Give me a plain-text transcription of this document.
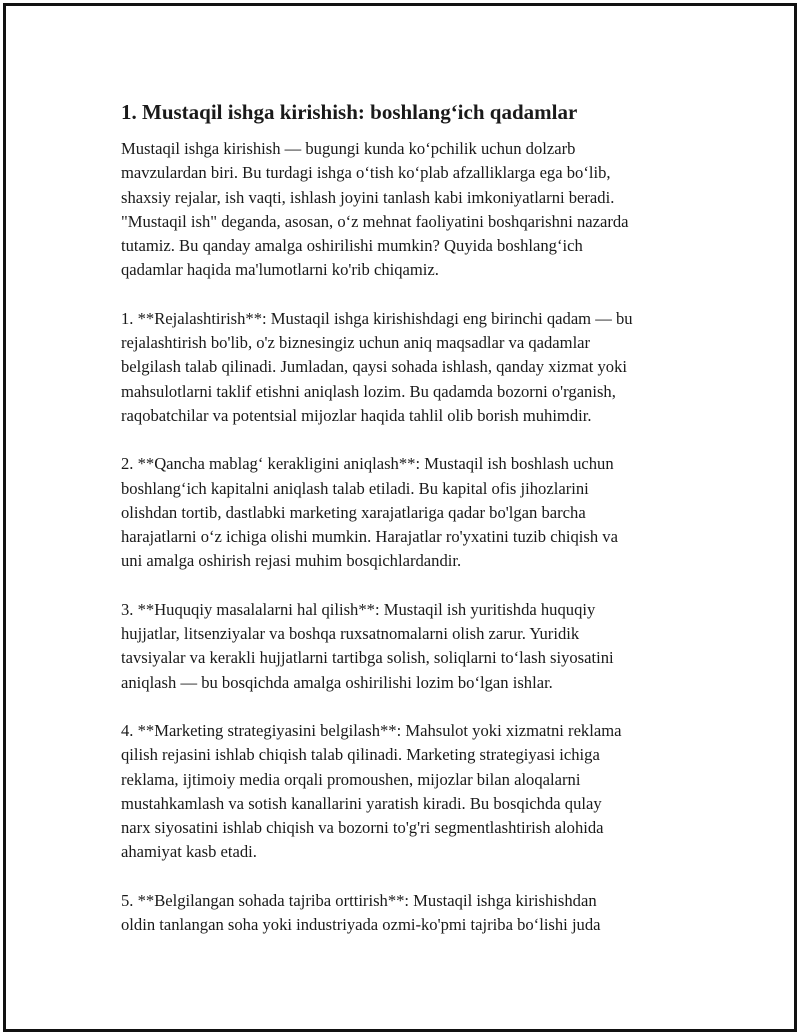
1. Mustaqil ishga kirishish: boshlang‘ich qadamlar

Mustaqil ishga kirishish — bugungi kunda ko‘pchilik uchun dolzarb
mavzulardan biri. Bu turdagi ishga o‘tish ko‘plab afzalliklarga ega bo‘lib,
shaxsiy rejalar, ish vaqti, ishlash joyini tanlash kabi imkoniyatlarni beradi.
"Mustaqil ish" deganda, asosan, o‘z mehnat faoliyatini boshqarishni nazarda
tutamiz. Bu qanday amalga oshirilishi mumkin? Quyida boshlang‘ich
qadamlar haqida ma'lumotlarni ko'rib chiqamiz.

1. **Rejalashtirish**: Mustaqil ishga kirishishdagi eng birinchi qadam — bu
rejalashtirish bo'lib, o'z biznesingiz uchun aniq maqsadlar va qadamlar
belgilash talab qilinadi. Jumladan, qaysi sohada ishlash, qanday xizmat yoki
mahsulotlarni taklif etishni aniqlash lozim. Bu qadamda bozorni o'rganish,
raqobatchilar va potentsial mijozlar haqida tahlil olib borish muhimdir.

2. **Qancha mablag‘ kerakligini aniqlash**: Mustaqil ish boshlash uchun
boshlang‘ich kapitalni aniqlash talab etiladi. Bu kapital ofis jihozlarini
olishdan tortib, dastlabki marketing xarajatlariga qadar bo'lgan barcha
harajatlarni o‘z ichiga olishi mumkin. Harajatlar ro'yxatini tuzib chiqish va
uni amalga oshirish rejasi muhim bosqichlardandir.

3. **Huquqiy masalalarni hal qilish**: Mustaqil ish yuritishda huquqiy
hujjatlar, litsenziyalar va boshqa ruxsatnomalarni olish zarur. Yuridik
tavsiyalar va kerakli hujjatlarni tartibga solish, soliqlarni to‘lash siyosatini
aniqlash — bu bosqichda amalga oshirilishi lozim bo‘lgan ishlar.

4. **Marketing strategiyasini belgilash**: Mahsulot yoki xizmatni reklama
qilish rejasini ishlab chiqish talab qilinadi. Marketing strategiyasi ichiga
reklama, ijtimoiy media orqali promoushen, mijozlar bilan aloqalarni
mustahkamlash va sotish kanallarini yaratish kiradi. Bu bosqichda qulay
narx siyosatini ishlab chiqish va bozorni to'g'ri segmentlashtirish alohida
ahamiyat kasb etadi.

5. **Belgilangan sohada tajriba orttirish**: Mustaqil ishga kirishishdan
oldin tanlangan soha yoki industriyada ozmi-ko'pmi tajriba bo‘lishi juda
